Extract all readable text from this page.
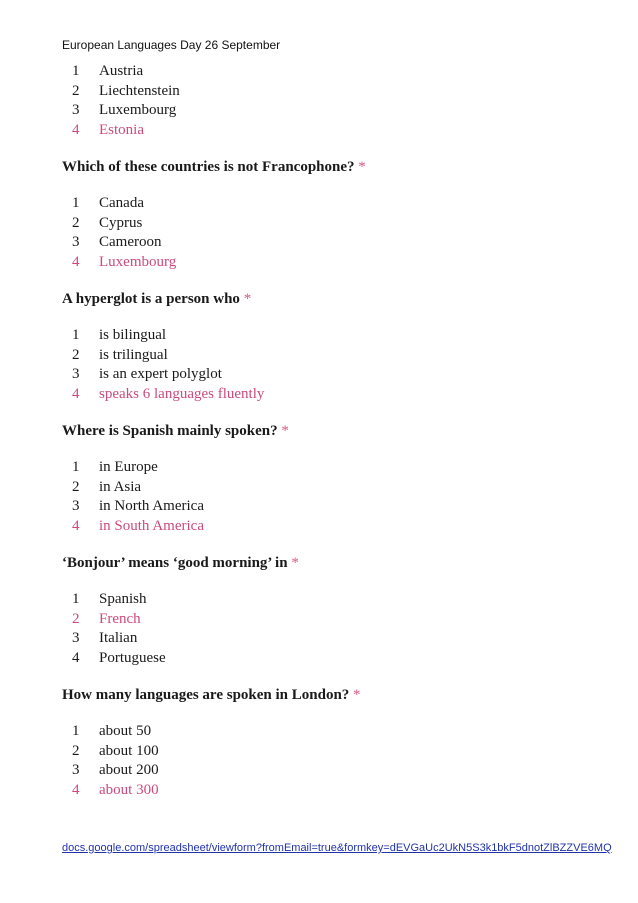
European Languages Day 26 September
1	Austria
2	Liechtenstein
3	Luxembourg
4	Estonia
Which of these countries is not Francophone? *
1	Canada
2	Cyprus
3	Cameroon
4	Luxembourg
A hyperglot is a person who *
1	is bilingual
2	is trilingual
3	is an expert polyglot
4	speaks 6 languages fluently
Where is Spanish mainly spoken? *
1	in Europe
2	in Asia
3	in North America
4	in South America
‘Bonjour’ means ‘good morning’ in *
1	Spanish
2	French
3	Italian
4	Portuguese
How many languages are spoken in London? *
1	about 50
2	about 100
3	about 200
4	about 300
docs.google.com/spreadsheet/viewform?fromEmail=true&formkey=dEVGaUc2UkN5S3k1bkF5dnotZlBZZVE6MQ
